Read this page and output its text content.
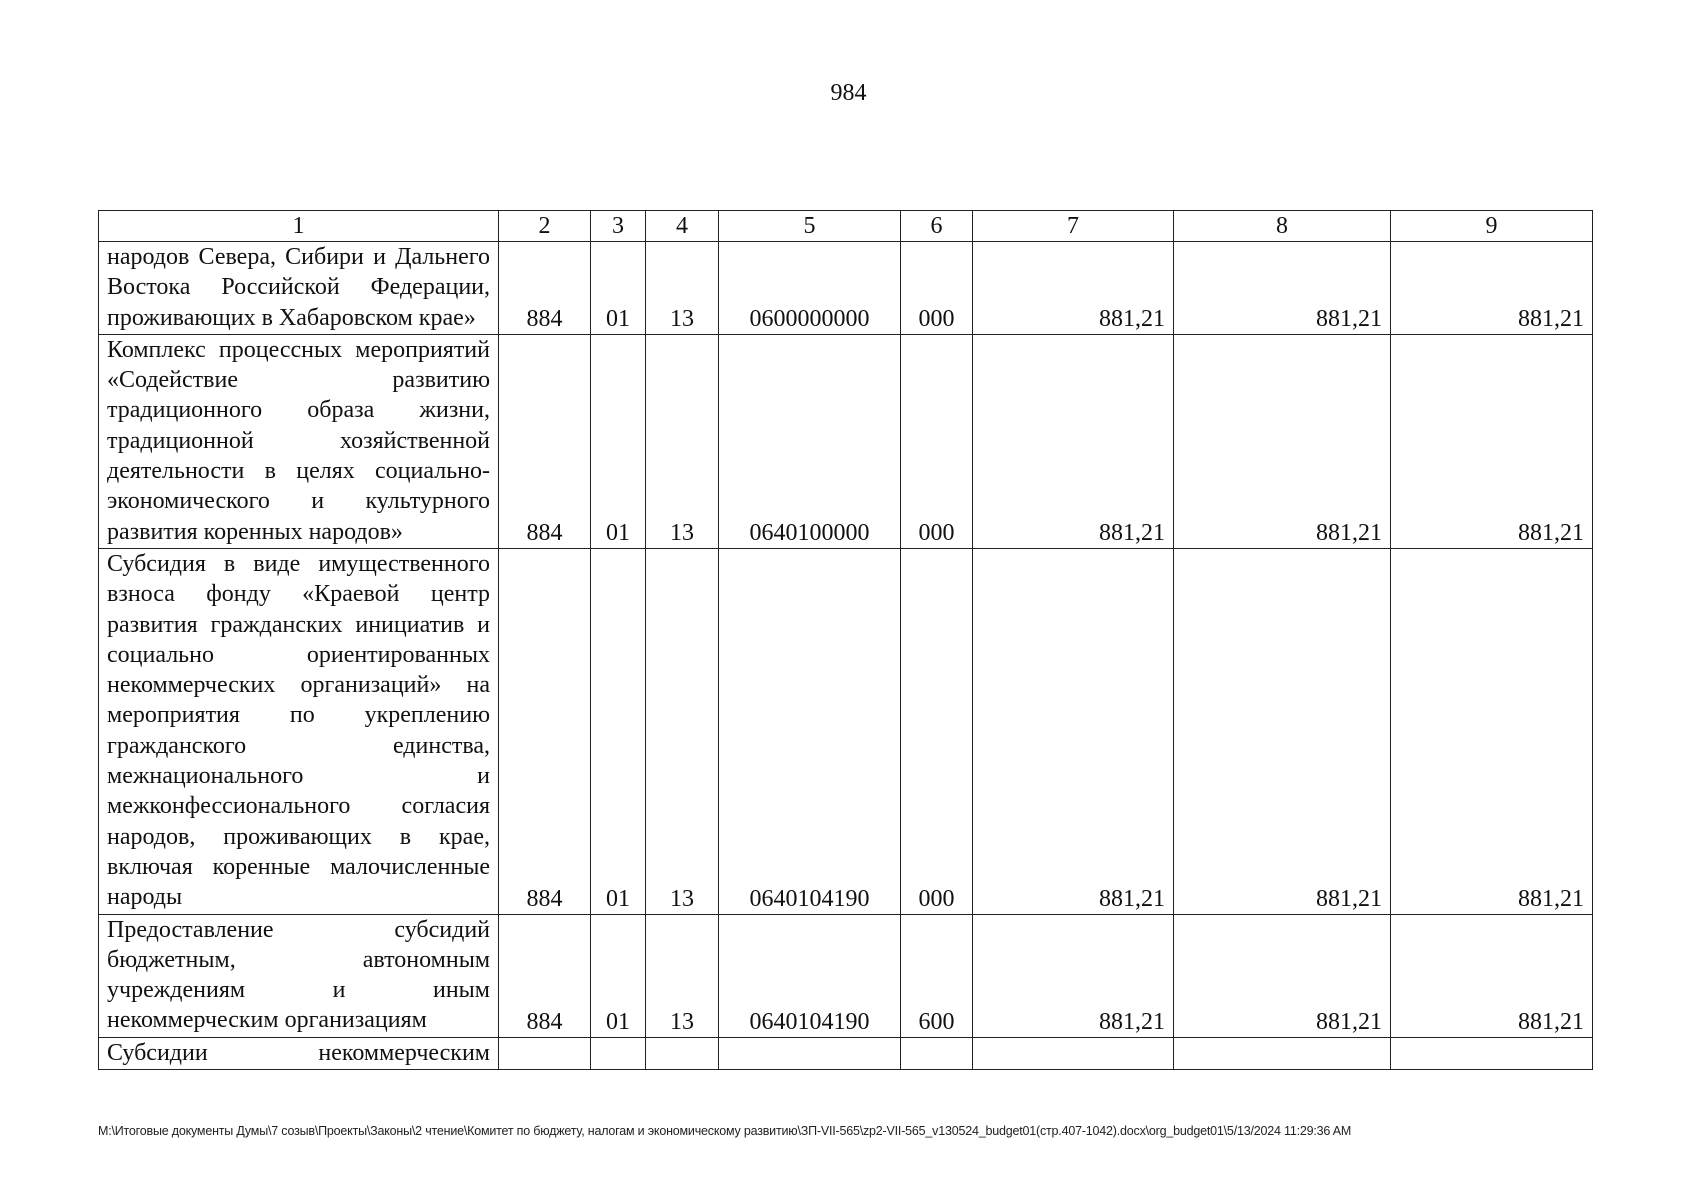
984
1	2	3	4	5	6	7	8	9
народов Севера, Сибири и Дальнего Востока Российской Федерации, проживающих в Хабаровском крае»	884	01	13	0600000000	000	881,21	881,21	881,21
Комплекс процессных мероприятий «Содействие развитию традиционного образа жизни, традиционной хозяйственной деятельности в целях социально-экономического и культурного развития коренных народов»	884	01	13	0640100000	000	881,21	881,21	881,21
Субсидия в виде имущественного взноса фонду «Краевой центр развития гражданских инициатив и социально ориентированных некоммерческих организаций» на мероприятия по укреплению гражданского единства, межнационального и межконфессионального согласия народов, проживающих в крае, включая коренные малочисленные народы	884	01	13	0640104190	000	881,21	881,21	881,21
Предоставление субсидий бюджетным, автономным учреждениям и иным некоммерческим организациям	884	01	13	0640104190	600	881,21	881,21	881,21
Субсидии некоммерческим								
M:\Итоговые документы Думы\7 созыв\Проекты\Законы\2 чтение\Комитет по бюджету, налогам и экономическому развитию\ЗП-VII-565\zp2-VII-565_v130524_budget01(стр.407-1042).docx\org_budget01\5/13/2024 11:29:36 AM
